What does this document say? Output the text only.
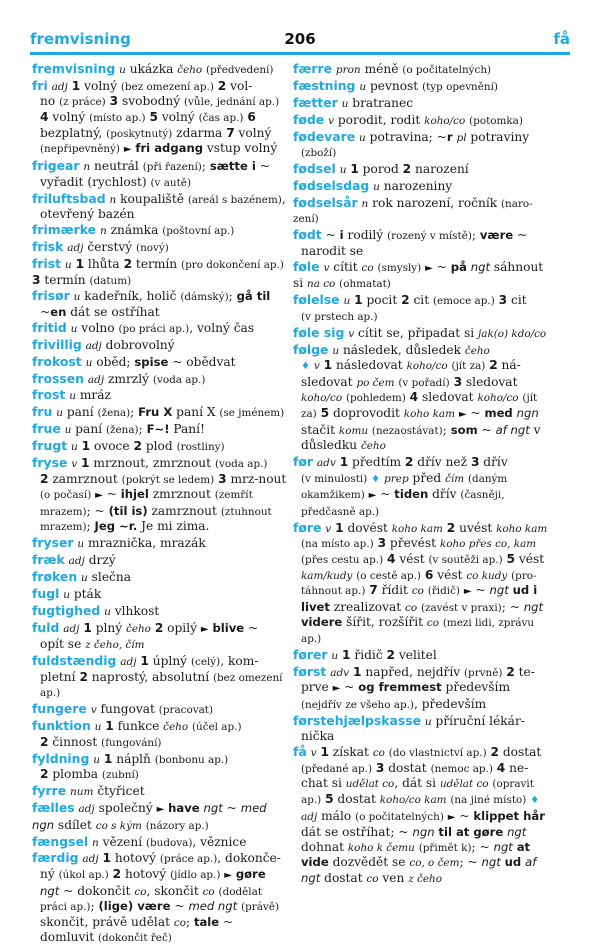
fremvisning	206	få
fremvisning u ukázka čeho (předvedení)
fri adj 1 volný (bez omezení ap.) 2 vol-
no (z práce) 3 svobodný (vůle, jednání ap.) 4 volný (místo ap.) 5 volný (čas ap.) 6 bezplatný, (poskytnutý) zdarma 7 volný (nepřipevněný) ► fri adgang vstup volný
frigear n neutrál (při řazení); sætte i ~
vyřadit (rychlost) (v autě)
friluftsbad n koupaliště (areál s bazénem),
otevřený bazén
frimærke n známka (poštovní ap.)
frisk adj čerstvý (nový)
frist u 1 lhůta 2 termín (pro dokončení ap.) 3 termín (datum)
frisør u kadeřník, holič (dámský); gå til
~en dát se ostříhat
fritid u volno (po práci ap.), volný čas
frivillig adj dobrovolný
frokost u oběd; spise ~ obědvat
frossen adj zmrzlý (voda ap.)
frost u mráz
fru u paní (žena); Fru X paní X (se jménem)
frue u paní (žena); F~! Paní!
frugt u 1 ovoce 2 plod (rostliny)
fryse v 1 mrznout, zmrznout (voda ap.)
2 zamrznout (pokrýt se ledem) 3 mrz-nout (o počasí) ► ~ ihjel zmrznout (zemřít mrazem); ~ (til is) zamrznout (ztuhnout mrazem); Jeg ~r. Je mi zima.
fryser u mraznička, mrazák
fræk adj drzý
frøken u slečna
fugl u pták
fugtighed u vlhkost
fuld adj 1 plný čeho 2 opilý ► blive ~
opít se z čeho, čím
fuldstændig adj 1 úplný (celý), kom-
pletní 2 naprostý, absolutní (bez omezení ap.)
fungere v fungovat (pracovat)
funktion u 1 funkce čeho (účel ap.)
2 činnost (fungování)
fyldning u 1 náplň (bonbonu ap.)
2 plomba (zubní)
fyrre num čtyřicet
fælles adj společný ► have ngt ~ med ngn sdílet co s kým (názory ap.)
fængsel n vězení (budova), věznice
færdig adj 1 hotový (práce ap.), dokonče-
ný (úkol ap.) 2 hotový (jídlo ap.) ► gøre ngt ~ dokončit co, skončit co (dodělat práci ap.); (lige) være ~ med ngt (právě) skončit, právě udělat co; tale ~ domluvit (dokončit řeč)
færre pron méně (o počitatelných)
fæstning u pevnost (typ opevnění)
fætter u bratranec
føde v porodit, rodit koho/co (potomka)
fødevare u potravina; ~r pl potraviny
(zboží)
fødsel u 1 porod 2 narození
fødselsdag u narozeniny
fødselsår n rok narození, ročník (naro-zení)
født ~ i rodilý (rozený v místě); være ~
narodit se
føle v cítit co (smysly) ► ~ på ngt sáhnout si na co (ohmatat)
følelse u 1 pocit 2 cit (emoce ap.) 3 cit
(v prstech ap.)
føle sig v cítit se, připadat si jak(o) kdo/co
følge u následek, důsledek čeho
♦ v 1 následovat koho/co (jít za) 2 ná-sledovat po čem (v pořadí) 3 sledovat koho/co (pohledem) 4 sledovat koho/co (jít za) 5 doprovodit koho kam ► ~ med ngn stačit komu (nezaostávat); som ~ af ngt v důsledku čeho
før adv 1 předtím 2 dřív než 3 dřív
(v minulosti) ♦ prep před čím (daným okamžikem) ► ~ tiden dřív (časněji, předčasně ap.)
føre v 1 dovést koho kam 2 uvést koho kam
(na místo ap.) 3 převést koho přes co, kam (přes cestu ap.) 4 vést (v soutěži ap.) 5 vést kam/kudy (o cestě ap.) 6 vést co kudy (pro-táhnout ap.) 7 řídit co (řidič) ► ~ ngt ud i livet zrealizovat co (zavést v praxi); ~ ngt videre šířit, rozšířit co (mezi lidi, zprávu ap.)
fører u 1 řidič 2 velitel
først adv 1 napřed, nejdřív (prvně) 2 te-
prve ► ~ og fremmest především (nejdřív ze všeho ap.), především
førstehjælpskasse u příruční lékár-
nička
få v 1 získat co (do vlastnictví ap.) 2 dostat
(předané ap.) 3 dostat (nemoc ap.) 4 ne-chat si udělat co, dát si udělat co (opravit ap.) 5 dostat koho/co kam (na jiné místo) ♦ adj málo (o počitatelných) ► ~ klippet hår dát se ostříhat; ~ ngn til at gøre ngt dohnat koho k čemu (přimět k); ~ ngt at vide dozvědět se co, o čem; ~ ngt ud af ngt dostat co ven z čeho
